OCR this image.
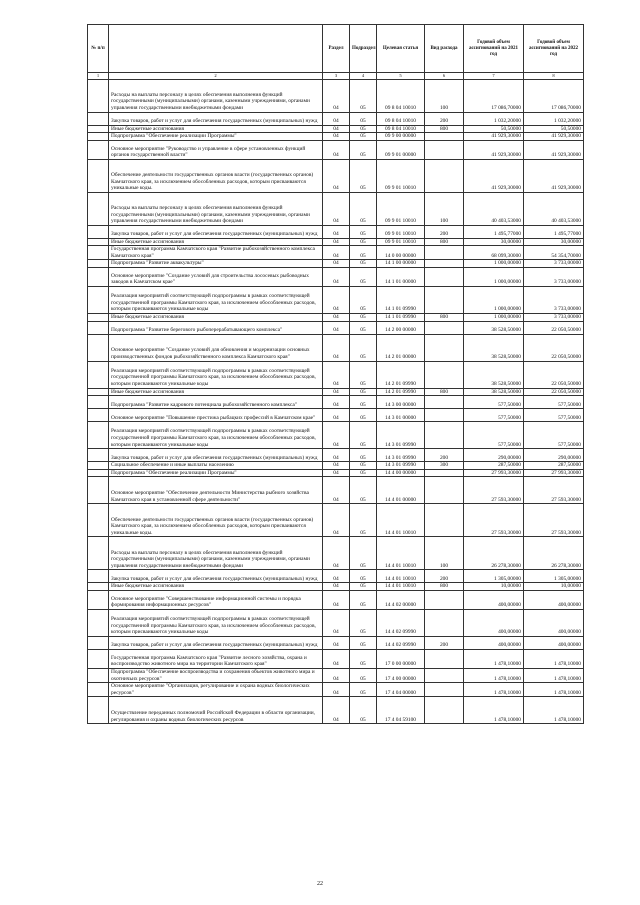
№ п/п		Раздел	Подраздел	Целевая статья	Вид расхода	Годовой объем ассигнований на 2021 год	Годовой объем ассигнований на 2022 год
1	2	3	4	5	6	7	8
	Расходы на выплаты персоналу в целях обеспечения выполнения функций государственными (муниципальными) органами, казенными учреждениями, органами управления государственными внебюджетными фондами	04	05	09 8 04 10010	100	17 086,70000	17 086,70000
	Закупка товаров, работ и услуг для обеспечения государственных (муниципальных) нужд	04	05	09 8 04 10010	200	1 032,20000	1 032,20000
	Иные бюджетные ассигнования	04	05	09 8 04 10010	800	50,50000	50,50000
	Подпрограмма "Обеспечение реализации Программы"	04	05	09 9 00 00000		41 929,30000	41 929,30000
	Основное мероприятие "Руководство и управление в сфере установленных функций органов государственной власти"	04	05	09 9 01 00000		41 929,30000	41 929,30000
	Обеспечение деятельности государственных органов власти (государственных органов) Камчатского края, за исключением обособленных расходов, которым присваиваются уникальные коды.	04	05	09 9 01 10010		41 929,30000	41 929,30000
	Расходы на выплаты персоналу в целях обеспечения выполнения функций государственными (муниципальными) органами, казенными учреждениями, органами управления государственными внебюджетными фондами	04	05	09 9 01 10010	100	40 403,53000	40 403,53000
	Закупка товаров, работ и услуг для обеспечения государственных (муниципальных) нужд	04	05	09 9 01 10010	200	1 495,77000	1 495,77000
	Иные бюджетные ассигнования	04	05	09 9 01 10010	800	30,00000	30,00000
	Государственная программа Камчатского края "Развитие рыбохозяйственного комплекса Камчатского края"	04	05	14 0 00 00000		68 099,30000	54 354,70000
	Подпрограмма "Развитие аквакультуры"	04	05	14 1 00 00000		1 000,00000	3 733,00000
	Основное мероприятие "Создание условий для строительства лососевых рыбоводных заводов в Камчатском крае"	04	05	14 1 01 00000		1 000,00000	3 733,00000
	Реализация мероприятий соответствующей подпрограммы в рамках соответствующей государственной программы Камчатского края, за исключением обособленных расходов, которым присваиваются уникальные коды	04	05	14 1 01 09990		1 000,00000	3 733,00000
	Иные бюджетные ассигнования	04	05	14 1 01 09990	800	1 000,00000	3 733,00000
	Подпрограмма "Развитие берегового рыбоперерабатывающего комплекса"	04	05	14 2 00 00000		38 528,50000	22 050,50000
	Основное мероприятие "Создание условий для обновления и модернизации основных производственных фондов рыбохозяйственного комплекса Камчатского края"	04	05	14 2 01 00000		38 528,50000	22 050,50000
	Реализация мероприятий соответствующей подпрограммы в рамках соответствующей государственной программы Камчатского края, за исключением обособленных расходов, которым присваиваются уникальные коды	04	05	14 2 01 09990		38 528,50000	22 050,50000
	Иные бюджетные ассигнования	04	05	14 2 01 09990	800	38 528,50000	22 050,50000
	Подпрограмма "Развитие кадрового потенциала рыбохозяйственного комплекса"	04	05	14 3 00 00000		577,50000	577,50000
	Основное мероприятие "Повышение престижа рыбацких профессий в Камчатском крае"	04	05	14 3 01 00000		577,50000	577,50000
	Реализация мероприятий соответствующей подпрограммы в рамках соответствующей государственной программы Камчатского края, за исключением обособленных расходов, которым присваиваются уникальные коды	04	05	14 3 01 09990		577,50000	577,50000
	Закупка товаров, работ и услуг для обеспечения государственных (муниципальных) нужд	04	05	14 3 01 09990	200	290,00000	290,00000
	Социальное обеспечение и иные выплаты населению	04	05	14 3 01 09990	300	287,50000	287,50000
	Подпрограмма "Обеспечение реализации Программы"	04	05	14 4 00 00000		27 993,30000	27 993,30000
	Основное мероприятие "Обеспечение деятельности Министерства рыбного хозяйства Камчатского края в установленной сфере деятельности"	04	05	14 4 01 00000		27 593,30000	27 593,30000
	Обеспечение деятельности государственных органов власти (государственных органов) Камчатского края, за исключением обособленных расходов, которым присваиваются уникальные коды.	04	05	14 4 01 10010		27 593,30000	27 593,30000
	Расходы на выплаты персоналу в целях обеспечения выполнения функций государственными (муниципальными) органами, казенными учреждениями, органами управления государственными внебюджетными фондами	04	05	14 4 01 10010	100	26 278,30000	26 278,30000
	Закупка товаров, работ и услуг для обеспечения государственных (муниципальных) нужд	04	05	14 4 01 10010	200	1 305,00000	1 305,00000
	Иные бюджетные ассигнования	04	05	14 4 01 10010	800	10,00000	10,00000
	Основное мероприятие "Совершенствование информационной системы и порядка формирования информационных ресурсов"	04	05	14 4 02 00000		400,00000	400,00000
	Реализация мероприятий соответствующей подпрограммы в рамках соответствующей государственной программы Камчатского края, за исключением обособленных расходов, которым присваиваются уникальные коды	04	05	14 4 02 09990		400,00000	400,00000
	Закупка товаров, работ и услуг для обеспечения государственных (муниципальных) нужд	04	05	14 4 02 09990	200	400,00000	400,00000
	Государственная программа Камчатского края "Развитие лесного хозяйства, охрана и воспроизводство животного мира на территории Камчатского края"	04	05	17 0 00 00000		1 478,10000	1 478,10000
	Подпрограмма "Обеспечение воспроизводства и сохранения объектов животного мира и охотничьих ресурсов"	04	05	17 4 00 00000		1 478,10000	1 478,10000
	Основное мероприятие "Организация, регулирование и охрана водных биологических ресурсов"	04	05	17 4 04 00000		1 478,10000	1 478,10000
	Осуществление переданных полномочий Российской Федерации в области организации, регулирования и охраны водных биологических ресурсов	04	05	17 4 04 59100		1 478,10000	1 478,10000
22
